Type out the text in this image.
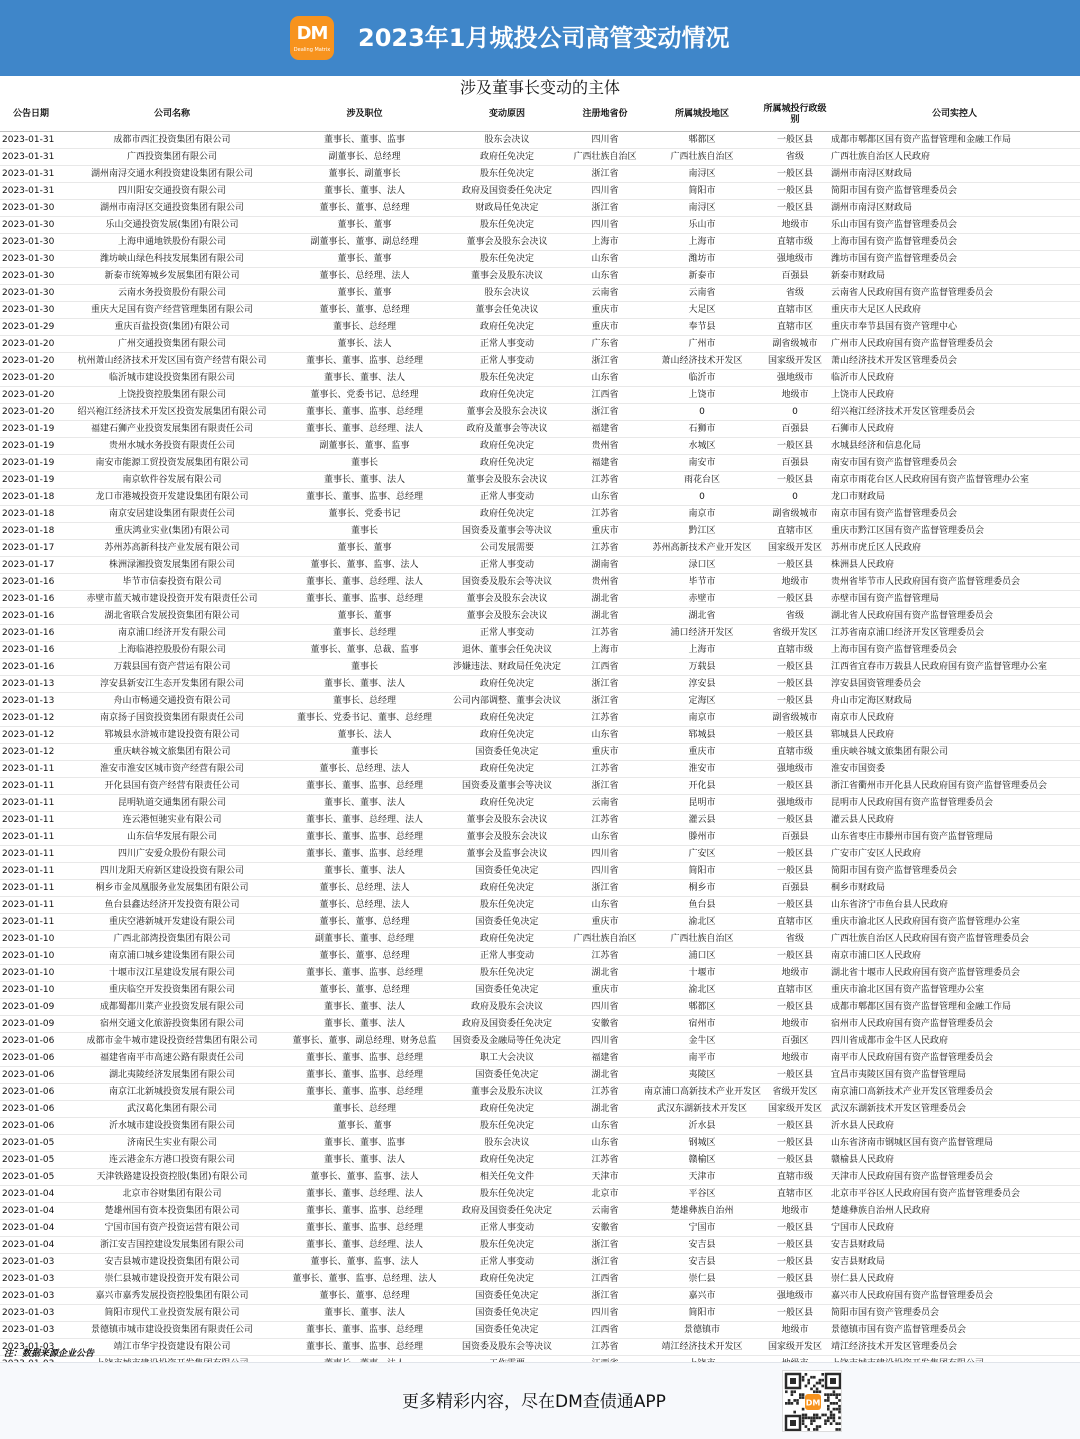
DM
Dealing Matrix 2023年1月城投公司高管变动情况
涉及董事长变动的主体
公告日期	公司名称	涉及职位	变动原因	注册地省份	所属城投地区	所属城投行政级别	公司实控人
2023-01-31	成都市西汇投资集团有限公司	董事长、董事、监事	股东会决议	四川省	郫都区	一般区县	成都市郫都区国有资产监督管理和金融工作局
2023-01-31	广西投资集团有限公司	副董事长、总经理	政府任免决定	广西壮族自治区	广西壮族自治区	省级	广西壮族自治区人民政府
2023-01-31	湖州南浔交通水利投资建设集团有限公司	董事长、副董事长	股东任免决定	浙江省	南浔区	一般区县	湖州市南浔区财政局
2023-01-31	四川阳安交通投资有限公司	董事长、董事、法人	政府及国资委任免决定	四川省	简阳市	一般区县	简阳市国有资产监督管理委员会
2023-01-30	湖州市南浔区交通投资集团有限公司	董事长、董事、总经理	财政局任免决定	浙江省	南浔区	一般区县	湖州市南浔区财政局
2023-01-30	乐山交通投资发展(集团)有限公司	董事长、董事	股东任免决定	四川省	乐山市	地级市	乐山市国有资产监督管理委员会
2023-01-30	上海申通地铁股份有限公司	副董事长、董事、副总经理	董事会及股东会决议	上海市	上海市	直辖市级	上海市国有资产监督管理委员会
2023-01-30	潍坊峡山绿色科技发展集团有限公司	董事长、董事	股东任免决定	山东省	潍坊市	强地级市	潍坊市国有资产监督管理委员会
2023-01-30	新泰市统筹城乡发展集团有限公司	董事长、总经理、法人	董事会及股东决议	山东省	新泰市	百强县	新泰市财政局
2023-01-30	云南水务投资股份有限公司	董事长、董事	股东会决议	云南省	云南省	省级	云南省人民政府国有资产监督管理委员会
2023-01-30	重庆大足国有资产经营管理集团有限公司	董事长、董事、总经理	董事会任免决议	重庆市	大足区	直辖市区	重庆市大足区人民政府
2023-01-29	重庆百盐投资(集团)有限公司	董事长、总经理	政府任免决定	重庆市	奉节县	直辖市区	重庆市奉节县国有资产管理中心
2023-01-20	广州交通投资集团有限公司	董事长、法人	正常人事变动	广东省	广州市	副省级城市	广州市人民政府国有资产监督管理委员会
2023-01-20	杭州萧山经济技术开发区国有资产经营有限公司	董事长、董事、监事、总经理	正常人事变动	浙江省	萧山经济技术开发区	国家级开发区	萧山经济技术开发区管理委员会
2023-01-20	临沂城市建设投资集团有限公司	董事长、董事、法人	股东任免决定	山东省	临沂市	强地级市	临沂市人民政府
2023-01-20	上饶投资控股集团有限公司	董事长、党委书记、总经理	政府任免决定	江西省	上饶市	地级市	上饶市人民政府
2023-01-20	绍兴袍江经济技术开发区投资发展集团有限公司	董事长、董事、监事、总经理	董事会及股东会决议	浙江省	0	0	绍兴袍江经济技术开发区管理委员会
2023-01-19	福建石狮产业投资发展集团有限责任公司	董事长、董事、总经理、法人	政府及董事会等决议	福建省	石狮市	百强县	石狮市人民政府
2023-01-19	贵州水城水务投资有限责任公司	副董事长、董事、监事	政府任免决定	贵州省	水城区	一般区县	水城县经济和信息化局
2023-01-19	南安市能源工贸投资发展集团有限公司	董事长	政府任免决定	福建省	南安市	百强县	南安市国有资产监督管理委员会
2023-01-19	南京软件谷发展有限公司	董事长、董事、法人	董事会及股东会决议	江苏省	雨花台区	一般区县	南京市雨花台区人民政府国有资产监督管理办公室
2023-01-18	龙口市港城投资开发建设集团有限公司	董事长、董事、监事、总经理	正常人事变动	山东省	0	0	龙口市财政局
2023-01-18	南京安居建设集团有限责任公司	董事长、党委书记	政府任免决定	江苏省	南京市	副省级城市	南京市国有资产监督管理委员会
2023-01-18	重庆鸿业实业(集团)有限公司	董事长	国资委及董事会等决议	重庆市	黔江区	直辖市区	重庆市黔江区国有资产监督管理委员会
2023-01-17	苏州苏高新科技产业发展有限公司	董事长、董事	公司发展需要	江苏省	苏州高新技术产业开发区	国家级开发区	苏州市虎丘区人民政府
2023-01-17	株洲渌湘投资发展集团有限公司	董事长、董事、监事、法人	正常人事变动	湖南省	渌口区	一般区县	株洲县人民政府
2023-01-16	毕节市信泰投资有限公司	董事长、董事、总经理、法人	国资委及股东会等决议	贵州省	毕节市	地级市	贵州省毕节市人民政府国有资产监督管理委员会
2023-01-16	赤壁市蓝天城市建设投资开发有限责任公司	董事长、董事、监事、总经理	董事会及股东会决议	湖北省	赤壁市	一般区县	赤壁市国有资产监督管理局
2023-01-16	湖北省联合发展投资集团有限公司	董事长、董事	董事会及股东会决议	湖北省	湖北省	省级	湖北省人民政府国有资产监督管理委员会
2023-01-16	南京浦口经济开发有限公司	董事长、总经理	正常人事变动	江苏省	浦口经济开发区	省级开发区	江苏省南京浦口经济开发区管理委员会
2023-01-16	上海临港控股股份有限公司	董事长、董事、总裁、监事	退休、董事会任免决议	上海市	上海市	直辖市级	上海市国有资产监督管理委员会
2023-01-16	万载县国有资产营运有限公司	董事长	涉嫌违法、财政局任免决定	江西省	万载县	一般区县	江西省宜春市万载县人民政府国有资产监督管理办公室
2023-01-13	淳安县新安江生态开发集团有限公司	董事长、董事、法人	政府任免决定	浙江省	淳安县	一般区县	淳安县国资管理委员会
2023-01-13	舟山市畅通交通投资有限公司	董事长、总经理	公司内部调整、董事会决议	浙江省	定海区	一般区县	舟山市定海区财政局
2023-01-12	南京扬子国资投资集团有限责任公司	董事长、党委书记、董事、总经理	政府任免决定	江苏省	南京市	副省级城市	南京市人民政府
2023-01-12	郓城县水浒城市建设投资有限公司	董事长、法人	政府任免决定	山东省	郓城县	一般区县	郓城县人民政府
2023-01-12	重庆峡谷城文旅集团有限公司	董事长	国资委任免决定	重庆市	重庆市	直辖市级	重庆峡谷城文旅集团有限公司
2023-01-11	淮安市淮安区城市资产经营有限公司	董事长、总经理、法人	政府任免决定	江苏省	淮安市	强地级市	淮安市国资委
2023-01-11	开化县国有资产经营有限责任公司	董事长、董事、监事、总经理	国资委及董事会等决议	浙江省	开化县	一般区县	浙江省衢州市开化县人民政府国有资产监督管理委员会
2023-01-11	昆明轨道交通集团有限公司	董事长、董事、法人	政府任免决定	云南省	昆明市	强地级市	昆明市人民政府国有资产监督管理委员会
2023-01-11	连云港恒驰实业有限公司	董事长、董事、总经理、法人	董事会及股东会决议	江苏省	灌云县	一般区县	灌云县人民政府
2023-01-11	山东信华发展有限公司	董事长、董事、监事、总经理	董事会及股东会决议	山东省	滕州市	百强县	山东省枣庄市滕州市国有资产监督管理局
2023-01-11	四川广安爱众股份有限公司	董事长、董事、监事、总经理	董事会及监事会决议	四川省	广安区	一般区县	广安市广安区人民政府
2023-01-11	四川龙阳天府新区建设投资有限公司	董事长、董事、法人	国资委任免决定	四川省	简阳市	一般区县	简阳市国有资产监督管理委员会
2023-01-11	桐乡市金凤凰服务业发展集团有限公司	董事长、总经理、法人	政府任免决定	浙江省	桐乡市	百强县	桐乡市财政局
2023-01-11	鱼台县鑫达经济开发投资有限公司	董事长、总经理、法人	股东任免决定	山东省	鱼台县	一般区县	山东省济宁市鱼台县人民政府
2023-01-11	重庆空港新城开发建设有限公司	董事长、董事、总经理	国资委任免决定	重庆市	渝北区	直辖市区	重庆市渝北区人民政府国有资产监督管理办公室
2023-01-10	广西北部湾投资集团有限公司	副董事长、董事、总经理	政府任免决定	广西壮族自治区	广西壮族自治区	省级	广西壮族自治区人民政府国有资产监督管理委员会
2023-01-10	南京浦口城乡建设集团有限公司	董事长、董事、总经理	正常人事变动	江苏省	浦口区	一般区县	南京市浦口区人民政府
2023-01-10	十堰市汉江星建设发展有限公司	董事长、董事、监事、总经理	股东任免决定	湖北省	十堰市	地级市	湖北省十堰市人民政府国有资产监督管理委员会
2023-01-10	重庆临空开发投资集团有限公司	董事长、董事、总经理	国资委任免决定	重庆市	渝北区	直辖市区	重庆市渝北区国有资产监督管理办公室
2023-01-09	成都蜀都川菜产业投资发展有限公司	董事长、董事、法人	政府及股东会决议	四川省	郫都区	一般区县	成都市郫都区国有资产监督管理和金融工作局
2023-01-09	宿州交通文化旅游投资集团有限公司	董事长、董事、法人	政府及国资委任免决定	安徽省	宿州市	地级市	宿州市人民政府国有资产监督管理委员会
2023-01-06	成都市金牛城市建设投资经营集团有限公司	董事长、董事、副总经理、财务总监	国资委及金融局等任免决定	四川省	金牛区	百强区	四川省成都市金牛区人民政府
2023-01-06	福建省南平市高速公路有限责任公司	董事长、董事、监事、总经理	职工大会决议	福建省	南平市	地级市	南平市人民政府国有资产监督管理委员会
2023-01-06	湖北夷陵经济发展集团有限公司	董事长、董事、监事、总经理	国资委任免决定	湖北省	夷陵区	一般区县	宜昌市夷陵区国有资产监督管理局
2023-01-06	南京江北新城投资发展有限公司	董事长、董事、监事、总经理	董事会及股东决议	江苏省	南京浦口高新技术产业开发区	省级开发区	南京浦口高新技术产业开发区管理委员会
2023-01-06	武汉葛化集团有限公司	董事长、总经理	政府任免决定	湖北省	武汉东湖新技术开发区	国家级开发区	武汉东湖新技术开发区管理委员会
2023-01-06	沂水城市建设投资集团有限公司	董事长、董事	股东任免决定	山东省	沂水县	一般区县	沂水县人民政府
2023-01-05	济南民生实业有限公司	董事长、董事、监事	股东会决议	山东省	钢城区	一般区县	山东省济南市钢城区国有资产监督管理局
2023-01-05	连云港金东方港口投资有限公司	董事长、董事、法人	政府任免决定	江苏省	赣榆区	一般区县	赣榆县人民政府
2023-01-05	天津铁路建设投资控股(集团)有限公司	董事长、董事、监事、法人	相关任免文件	天津市	天津市	直辖市级	天津市人民政府国有资产监督管理委员会
2023-01-04	北京市谷财集团有限公司	董事长、董事、总经理、法人	股东任免决定	北京市	平谷区	直辖市区	北京市平谷区人民政府国有资产监督管理委员会
2023-01-04	楚雄州国有资本投资集团有限公司	董事长、董事、监事、总经理	政府及国资委任免决定	云南省	楚雄彝族自治州	地级市	楚雄彝族自治州人民政府
2023-01-04	宁国市国有资产投资运营有限公司	董事长、董事、监事、总经理	正常人事变动	安徽省	宁国市	一般区县	宁国市人民政府
2023-01-04	浙江安吉国控建设发展集团有限公司	董事长、董事、总经理、法人	股东任免决定	浙江省	安吉县	一般区县	安吉县财政局
2023-01-03	安吉县城市建设投资集团有限公司	董事长、董事、监事、法人	正常人事变动	浙江省	安吉县	一般区县	安吉县财政局
2023-01-03	崇仁县城市建设投资开发有限公司	董事长、董事、监事、总经理、法人	政府任免决定	江西省	崇仁县	一般区县	崇仁县人民政府
2023-01-03	嘉兴市嘉秀发展投资控股集团有限公司	董事长、董事、总经理	国资委任免决定	浙江省	嘉兴市	强地级市	嘉兴市人民政府国有资产监督管理委员会
2023-01-03	简阳市现代工业投资发展有限公司	董事长、董事、法人	国资委任免决定	四川省	简阳市	一般区县	简阳市国有资产管理委员会
2023-01-03	景德镇市城市建设投资集团有限责任公司	董事长、董事、监事、总经理	国资委任免决定	江西省	景德镇市	地级市	景德镇市国有资产监督管理委员会
2023-01-03	靖江市华宇投资建设有限公司	董事长、董事、监事、总经理	国资委及股东会等决议	江苏省	靖江经济技术开发区	国家级开发区	靖江经济技术开发区管理委员会

注：数据来源企业公告
更多精彩内容，尽在DM查债通APP	DM
